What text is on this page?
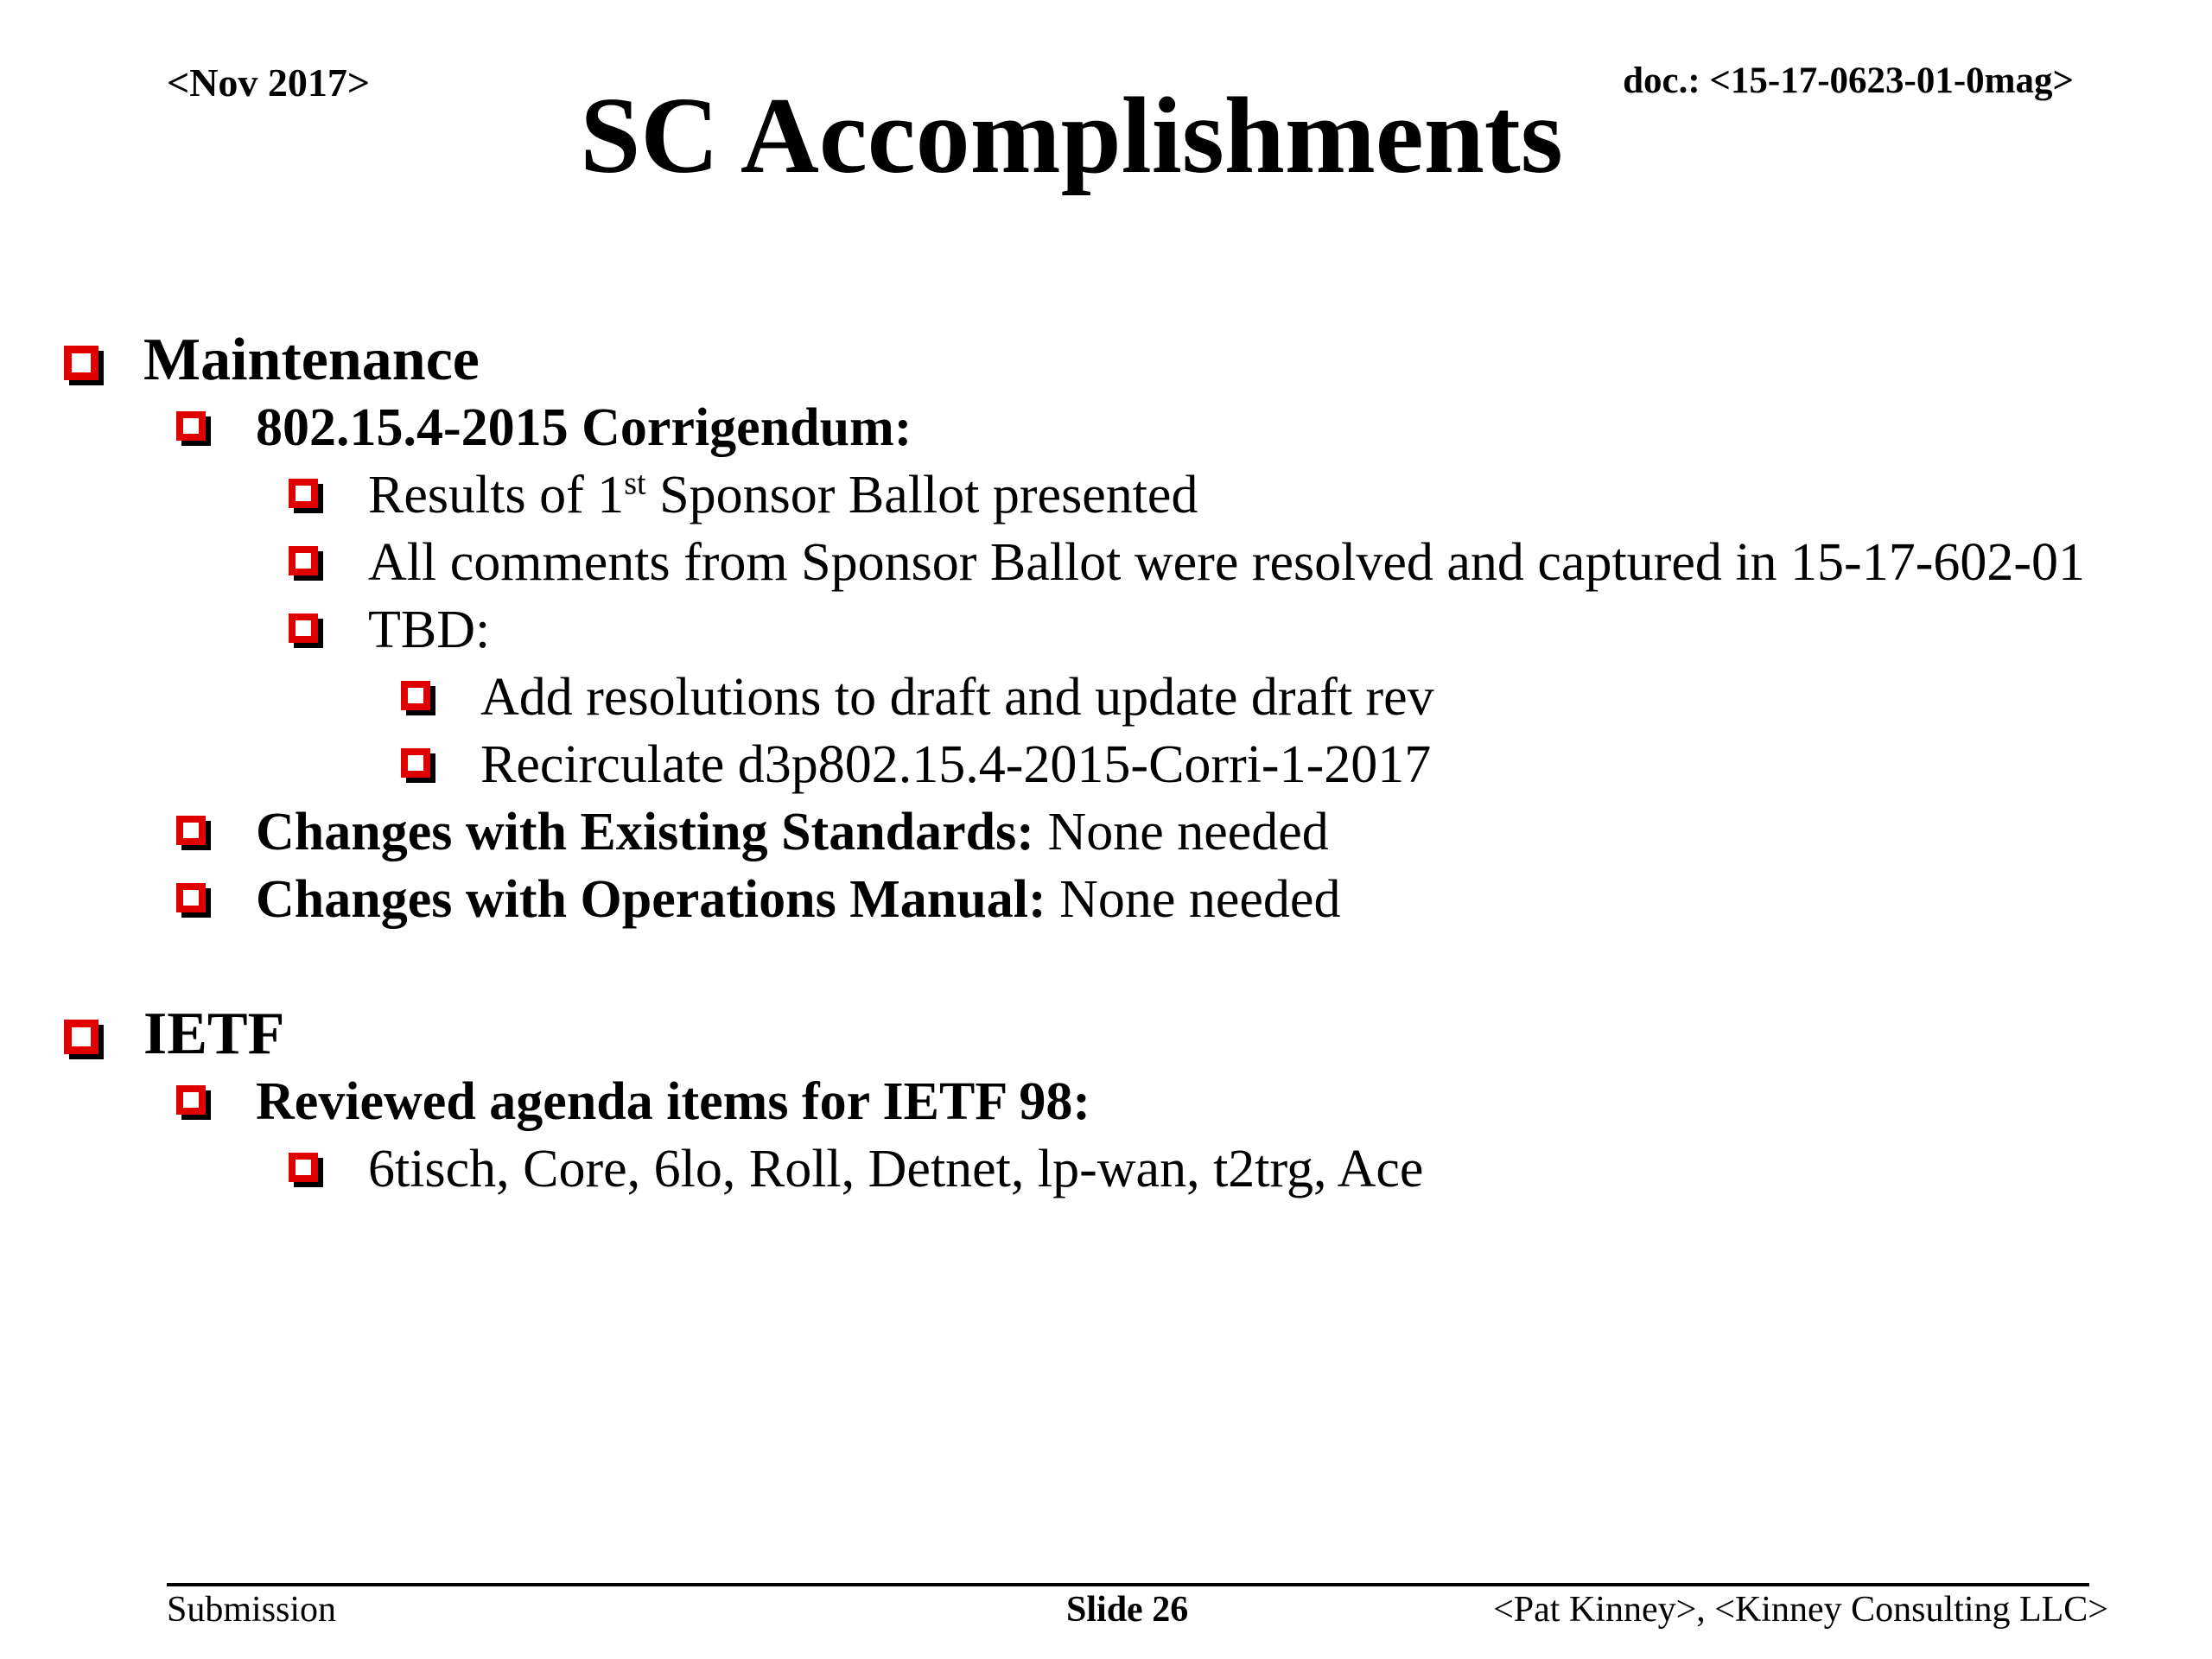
<Nov 2017>	SC Accomplishments	doc.: <15-17-0623-01-0mag>
Maintenance
802.15.4-2015 Corrigendum:
Results of 1st Sponsor Ballot presented
All comments from Sponsor Ballot were resolved and captured in 15-17-602-01
TBD:
Add resolutions to draft and update draft rev
Recirculate d3p802.15.4-2015-Corri-1-2017
Changes with Existing Standards: None needed
Changes with Operations Manual: None needed
IETF
Reviewed agenda items for IETF 98:
6tisch, Core, 6lo, Roll, Detnet, lp-wan, t2trg, Ace
Submission	Slide 26	<Pat Kinney>, <Kinney Consulting LLC>
